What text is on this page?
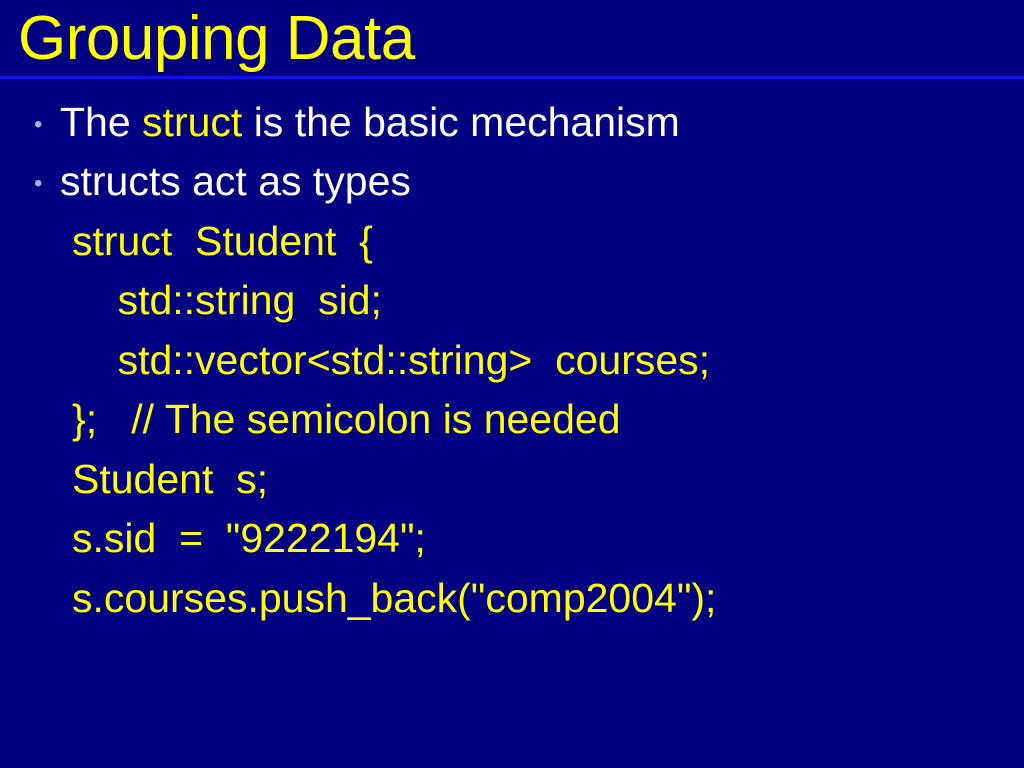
Grouping Data
• The struct is the basic mechanism
• structs act as types
struct  Student  {
std::string  sid;
std::vector<std::string>  courses;
};   // The semicolon is needed
Student  s;
s.sid  =  "9222194";
s.courses.push_back("comp2004");
